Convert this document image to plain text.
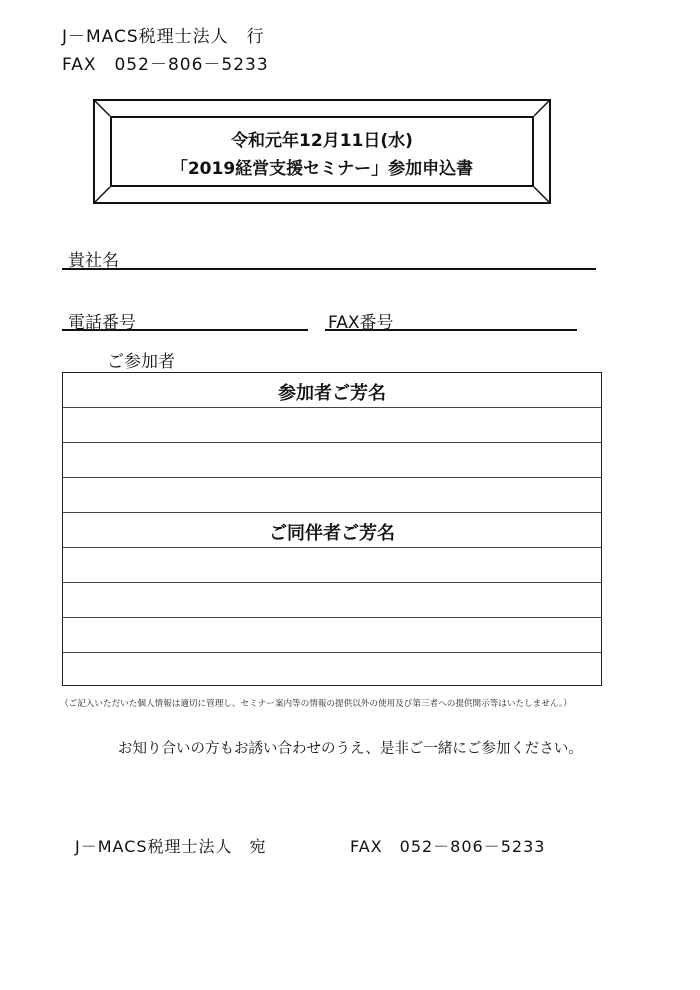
J－MACS税理士法人　行
FAX　052－806－5233
令和元年12月11日(水)
「2019経営支援セミナー」参加申込書
貴社名
電話番号	FAX番号
ご参加者
参加者ご芳名
ご同伴者ご芳名
（ご記入いただいた個人情報は適切に管理し、セミナー案内等の情報の提供以外の使用及び第三者への提供開示等はいたしません。）
お知り合いの方もお誘い合わせのうえ、是非ご一緒にご参加ください。
J－MACS税理士法人　宛	FAX　052－806－5233
